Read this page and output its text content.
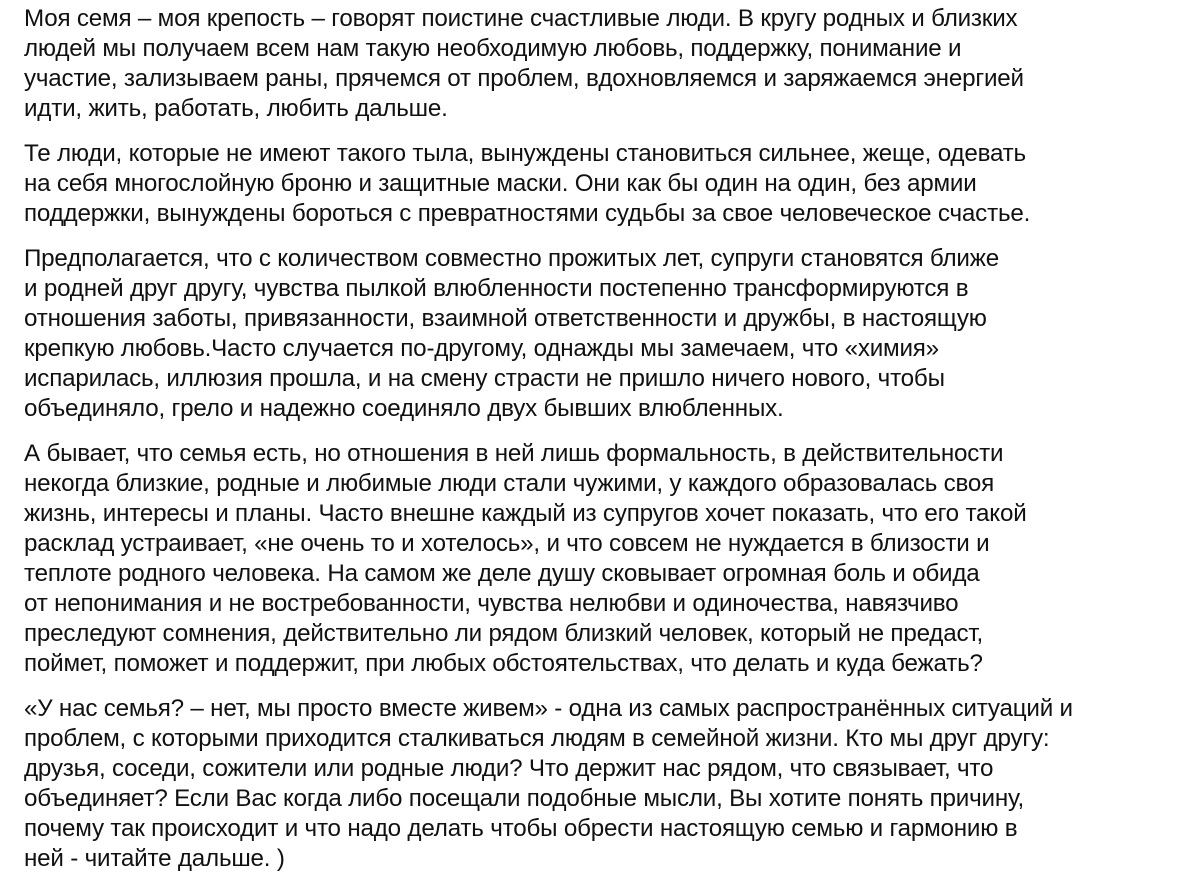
Моя семя – моя крепость – говорят поистине счастливые люди. В кругу родных и близких
людей мы получаем всем нам такую необходимую любовь, поддержку, понимание и
участие, зализываем раны, прячемся от проблем, вдохновляемся и заряжаемся энергией
идти, жить, работать, любить дальше.

Те люди, которые не имеют такого тыла, вынуждены становиться сильнее, жеще, одевать
на себя многослойную броню и защитные маски. Они как бы один на один, без армии
поддержки, вынуждены бороться с превратностями судьбы за свое человеческое счастье.

Предполагается, что с количеством совместно прожитых лет, супруги становятся ближе
и родней друг другу, чувства пылкой влюбленности постепенно трансформируются в
отношения заботы, привязанности, взаимной ответственности и дружбы, в настоящую
крепкую любовь.Часто случается по-другому, однажды мы замечаем, что «химия»
испарилась, иллюзия прошла, и на смену страсти не пришло ничего нового, чтобы
объединяло, грело и надежно соединяло двух бывших влюбленных.

А бывает, что семья есть, но отношения в ней лишь формальность, в действительности
некогда близкие, родные и любимые люди стали чужими, у каждого образовалась своя
жизнь, интересы и планы. Часто внешне каждый из супругов хочет показать, что его такой
расклад устраивает, «не очень то и хотелось», и что совсем не нуждается в близости и
теплоте родного человека. На самом же деле душу сковывает огромная боль и обида
от непонимания и не востребованности, чувства нелюбви и одиночества, навязчиво
преследуют сомнения, действительно ли рядом близкий человек, который не предаст,
поймет, поможет и поддержит, при любых обстоятельствах, что делать и куда бежать?

«У нас семья? – нет, мы просто вместе живем» - одна из самых распространённых ситуаций и
проблем, с которыми приходится сталкиваться людям в семейной жизни. Кто мы друг другу:
друзья, соседи, сожители или родные люди? Что держит нас рядом, что связывает, что
объединяет? Если Вас когда либо посещали подобные мысли, Вы хотите понять причину,
почему так происходит и что надо делать чтобы обрести настоящую семью и гармонию в
ней - читайте дальше. )
